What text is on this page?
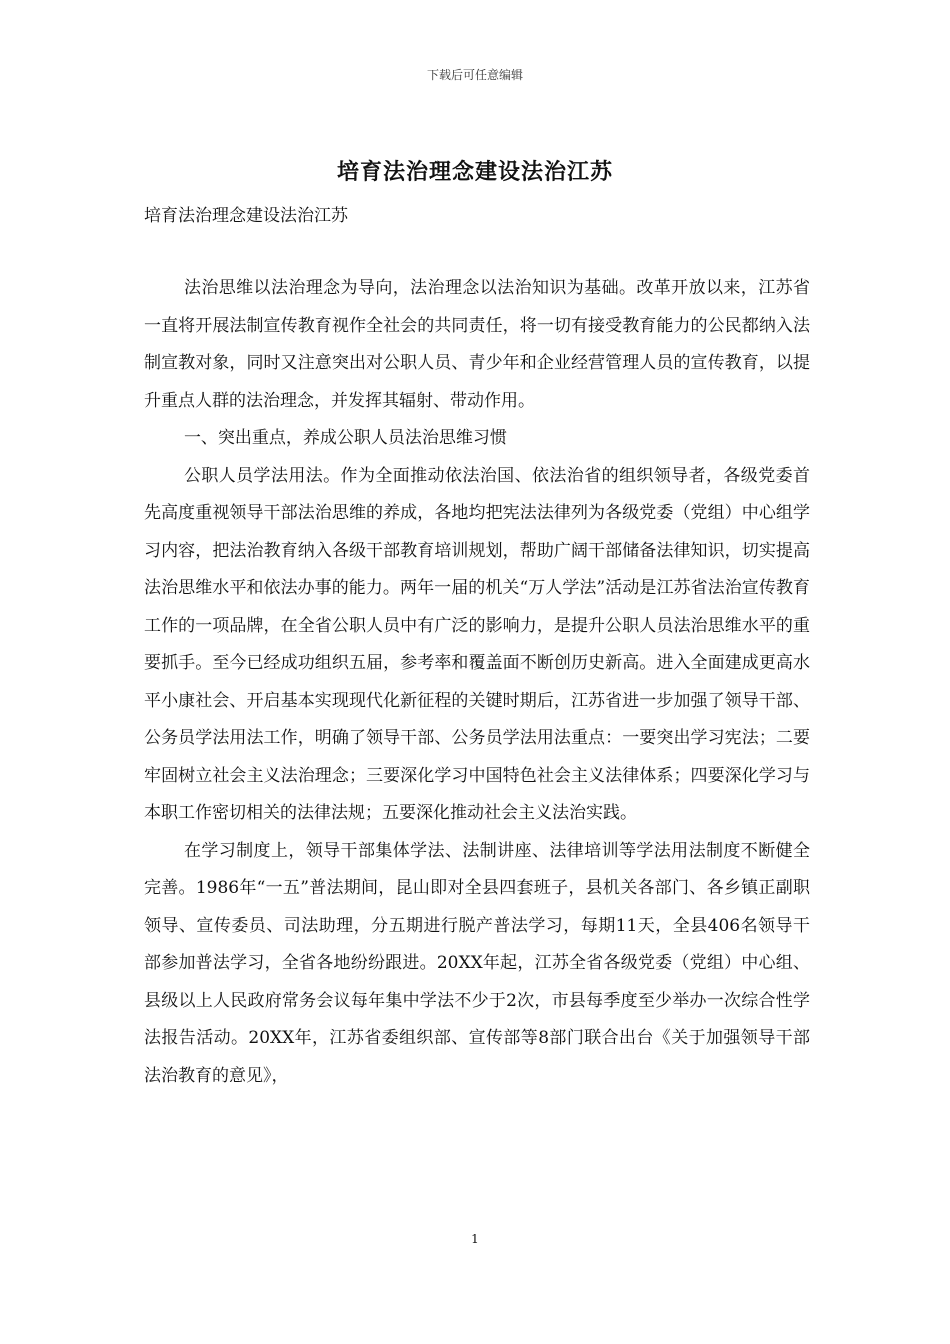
下载后可任意编辑
培育法治理念建设法治江苏
培育法治理念建设法治江苏

法治思维以法治理念为导向，法治理念以法治知识为基础。改革开放以来，江苏省一直将开展法制宣传教育视作全社会的共同责任，将一切有接受教育能力的公民都纳入法制宣教对象，同时又注意突出对公职人员、青少年和企业经营管理人员的宣传教育，以提升重点人群的法治理念，并发挥其辐射、带动作用。

一、突出重点，养成公职人员法治思维习惯

公职人员学法用法。作为全面推动依法治国、依法治省的组织领导者，各级党委首先高度重视领导干部法治思维的养成，各地均把宪法法律列为各级党委（党组）中心组学习内容，把法治教育纳入各级干部教育培训规划，帮助广阔干部储备法律知识，切实提高法治思维水平和依法办事的能力。两年一届的机关“万人学法”活动是江苏省法治宣传教育工作的一项品牌，在全省公职人员中有广泛的影响力，是提升公职人员法治思维水平的重要抓手。至今已经成功组织五届，参考率和覆盖面不断创历史新高。进入全面建成更高水平小康社会、开启基本实现现代化新征程的关键时期后，江苏省进一步加强了领导干部、公务员学法用法工作，明确了领导干部、公务员学法用法重点：一要突出学习宪法；二要牢固树立社会主义法治理念；三要深化学习中国特色社会主义法律体系；四要深化学习与本职工作密切相关的法律法规；五要深化推动社会主义法治实践。

在学习制度上，领导干部集体学法、法制讲座、法律培训等学法用法制度不断健全完善。1986年“一五”普法期间，昆山即对全县四套班子，县机关各部门、各乡镇正副职领导、宣传委员、司法助理，分五期进行脱产普法学习，每期11天，全县406名领导干部参加普法学习，全省各地纷纷跟进。20XX年起，江苏全省各级党委（党组）中心组、县级以上人民政府常务会议每年集中学法不少于2次，市县每季度至少举办一次综合性学法报告活动。20XX年，江苏省委组织部、宣传部等8部门联合出台《关于加强领导干部法治教育的意见》，

1
